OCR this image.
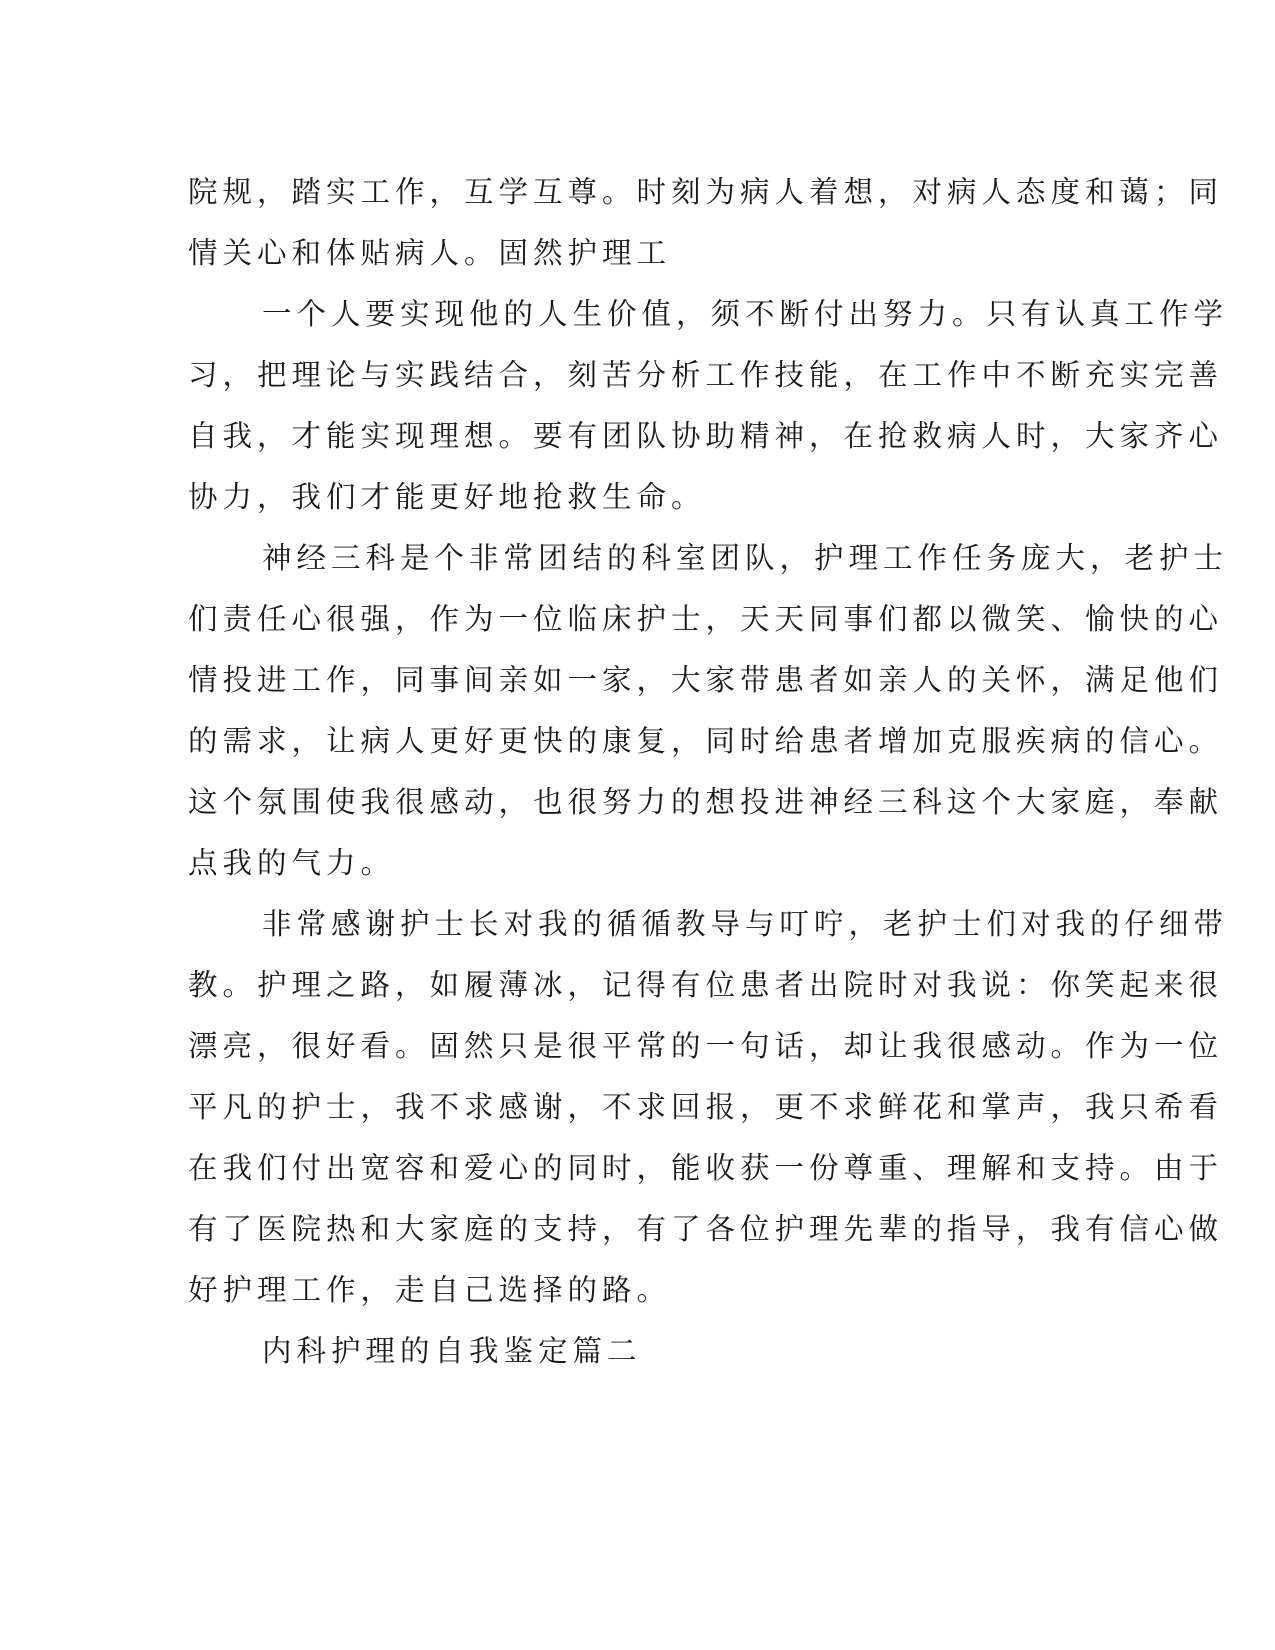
院规，踏实工作，互学互尊。时刻为病人着想，对病人态度和蔼；同
情关心和体贴病人。固然护理工
一个人要实现他的人生价值，须不断付出努力。只有认真工作学
习，把理论与实践结合，刻苦分析工作技能，在工作中不断充实完善
自我，才能实现理想。要有团队协助精神，在抢救病人时，大家齐心
协力，我们才能更好地抢救生命。
神经三科是个非常团结的科室团队，护理工作任务庞大，老护士
们责任心很强，作为一位临床护士，天天同事们都以微笑、愉快的心
情投进工作，同事间亲如一家，大家带患者如亲人的关怀，满足他们
的需求，让病人更好更快的康复，同时给患者增加克服疾病的信心。
这个氛围使我很感动，也很努力的想投进神经三科这个大家庭，奉献
点我的气力。
非常感谢护士长对我的循循教导与叮咛，老护士们对我的仔细带
教。护理之路，如履薄冰，记得有位患者出院时对我说：你笑起来很
漂亮，很好看。固然只是很平常的一句话，却让我很感动。作为一位
平凡的护士，我不求感谢，不求回报，更不求鲜花和掌声，我只希看
在我们付出宽容和爱心的同时，能收获一份尊重、理解和支持。由于
有了医院热和大家庭的支持，有了各位护理先辈的指导，我有信心做
好护理工作，走自己选择的路。
内科护理的自我鉴定篇二
